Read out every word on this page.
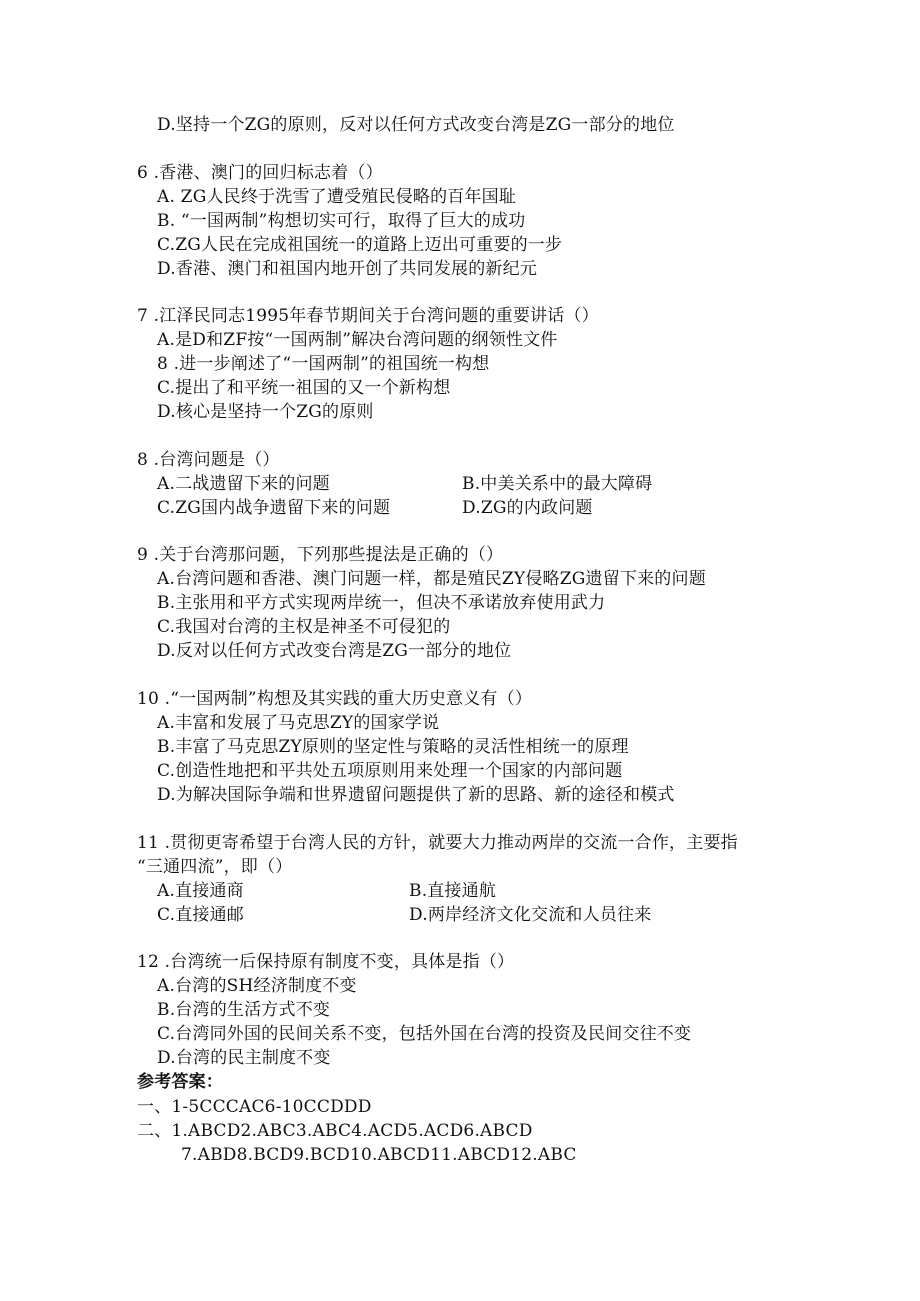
D.坚持一个ZG的原则，反对以任何方式改变台湾是ZG一部分的地位
6 .香港、澳门的回归标志着（）
A. ZG人民终于洗雪了遭受殖民侵略的百年国耻
B. “一国两制”构想切实可行，取得了巨大的成功
C.ZG人民在完成祖国统一的道路上迈出可重要的一步
D.香港、澳门和祖国内地开创了共同发展的新纪元
7 .江泽民同志1995年春节期间关于台湾问题的重要讲话（）
A.是D和ZF按“一国两制”解决台湾问题的纲领性文件
8 .进一步阐述了“一国两制”的祖国统一构想
C.提出了和平统一祖国的又一个新构想
D.核心是坚持一个ZG的原则
8 .台湾问题是（）
A.二战遗留下来的问题	B.中美关系中的最大障碍
C.ZG国内战争遗留下来的问题	D.ZG的内政问题
9 .关于台湾那问题，下列那些提法是正确的（）
A.台湾问题和香港、澳门问题一样，都是殖民ZY侵略ZG遗留下来的问题
B.主张用和平方式实现两岸统一，但决不承诺放弃使用武力
C.我国对台湾的主权是神圣不可侵犯的
D.反对以任何方式改变台湾是ZG一部分的地位
10 .“一国两制”构想及其实践的重大历史意义有（）
A.丰富和发展了马克思ZY的国家学说
B.丰富了马克思ZY原则的坚定性与策略的灵活性相统一的原理
C.创造性地把和平共处五项原则用来处理一个国家的内部问题
D.为解决国际争端和世界遗留问题提供了新的思路、新的途径和模式
11 .贯彻更寄希望于台湾人民的方针，就要大力推动两岸的交流一合作，主要指
“三通四流”，即（）
A.直接通商	B.直接通航
C.直接通邮	D.两岸经济文化交流和人员往来
12 .台湾统一后保持原有制度不变，具体是指（）
A.台湾的SH经济制度不变
B.台湾的生活方式不变
C.台湾同外国的民间关系不变，包括外国在台湾的投资及民间交往不变
D.台湾的民主制度不变
参考答案：
一、1-5CCCAC6-10CCDDD
二、1.ABCD2.ABC3.ABC4.ACD5.ACD6.ABCD
7.ABD8.BCD9.BCD10.ABCD11.ABCD12.ABC
